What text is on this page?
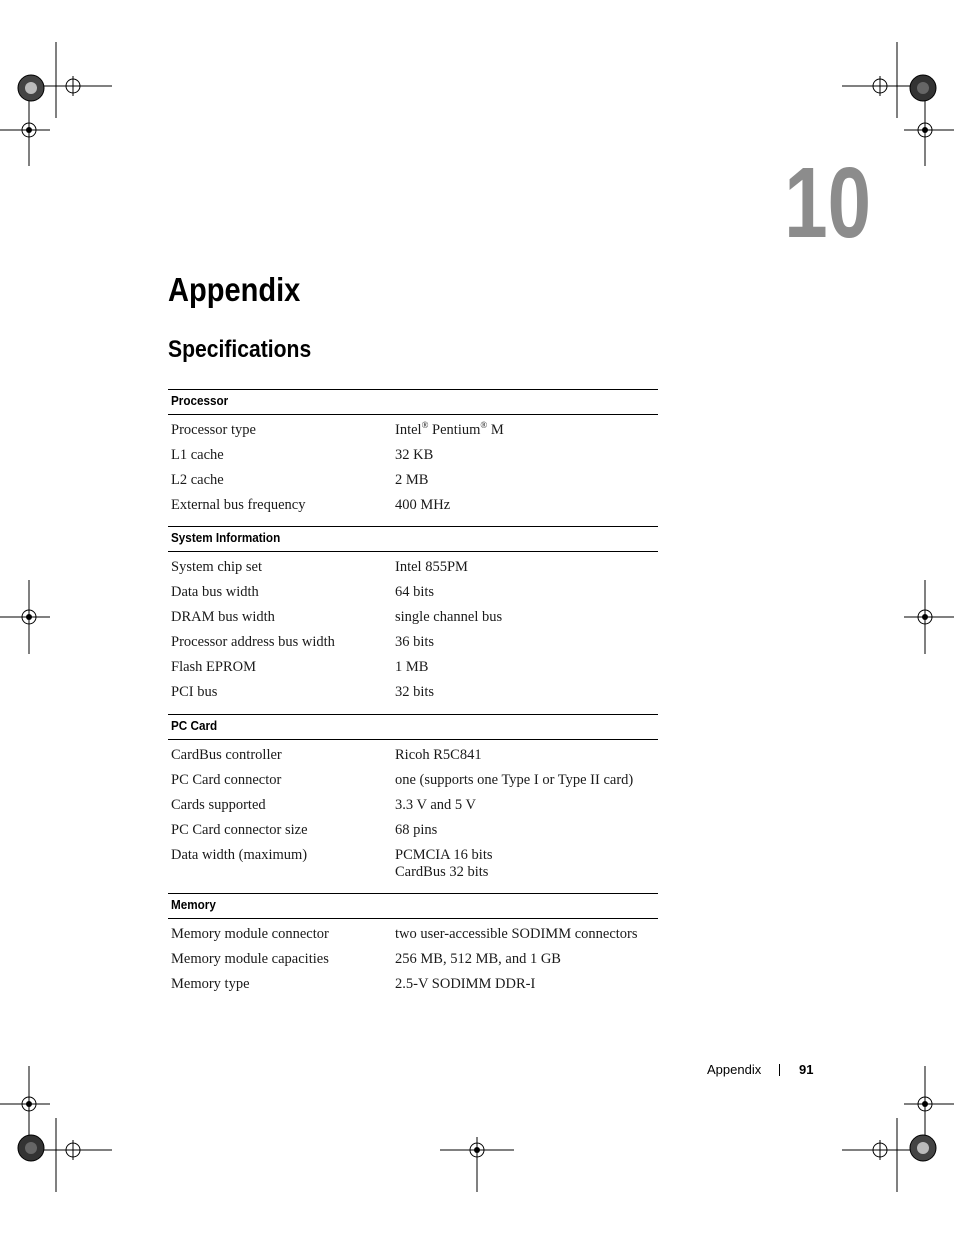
10
Appendix
Specifications
Processor
Processor type	Intel® Pentium® M
L1 cache	32 KB
L2 cache	2 MB
External bus frequency	400 MHz
System Information
System chip set	Intel 855PM
Data bus width	64 bits
DRAM bus width	single channel bus
Processor address bus width	36 bits
Flash EPROM	1 MB
PCI bus	32 bits
PC Card
CardBus controller	Ricoh R5C841
PC Card connector	one (supports one Type I or Type II card)
Cards supported	3.3 V and 5 V
PC Card connector size	68 pins
Data width (maximum)	PCMCIA 16 bits
CardBus 32 bits
Memory
Memory module connector	two user-accessible SODIMM connectors
Memory module capacities	256 MB, 512 MB, and 1 GB
Memory type	2.5-V SODIMM DDR-I
Appendix	91
